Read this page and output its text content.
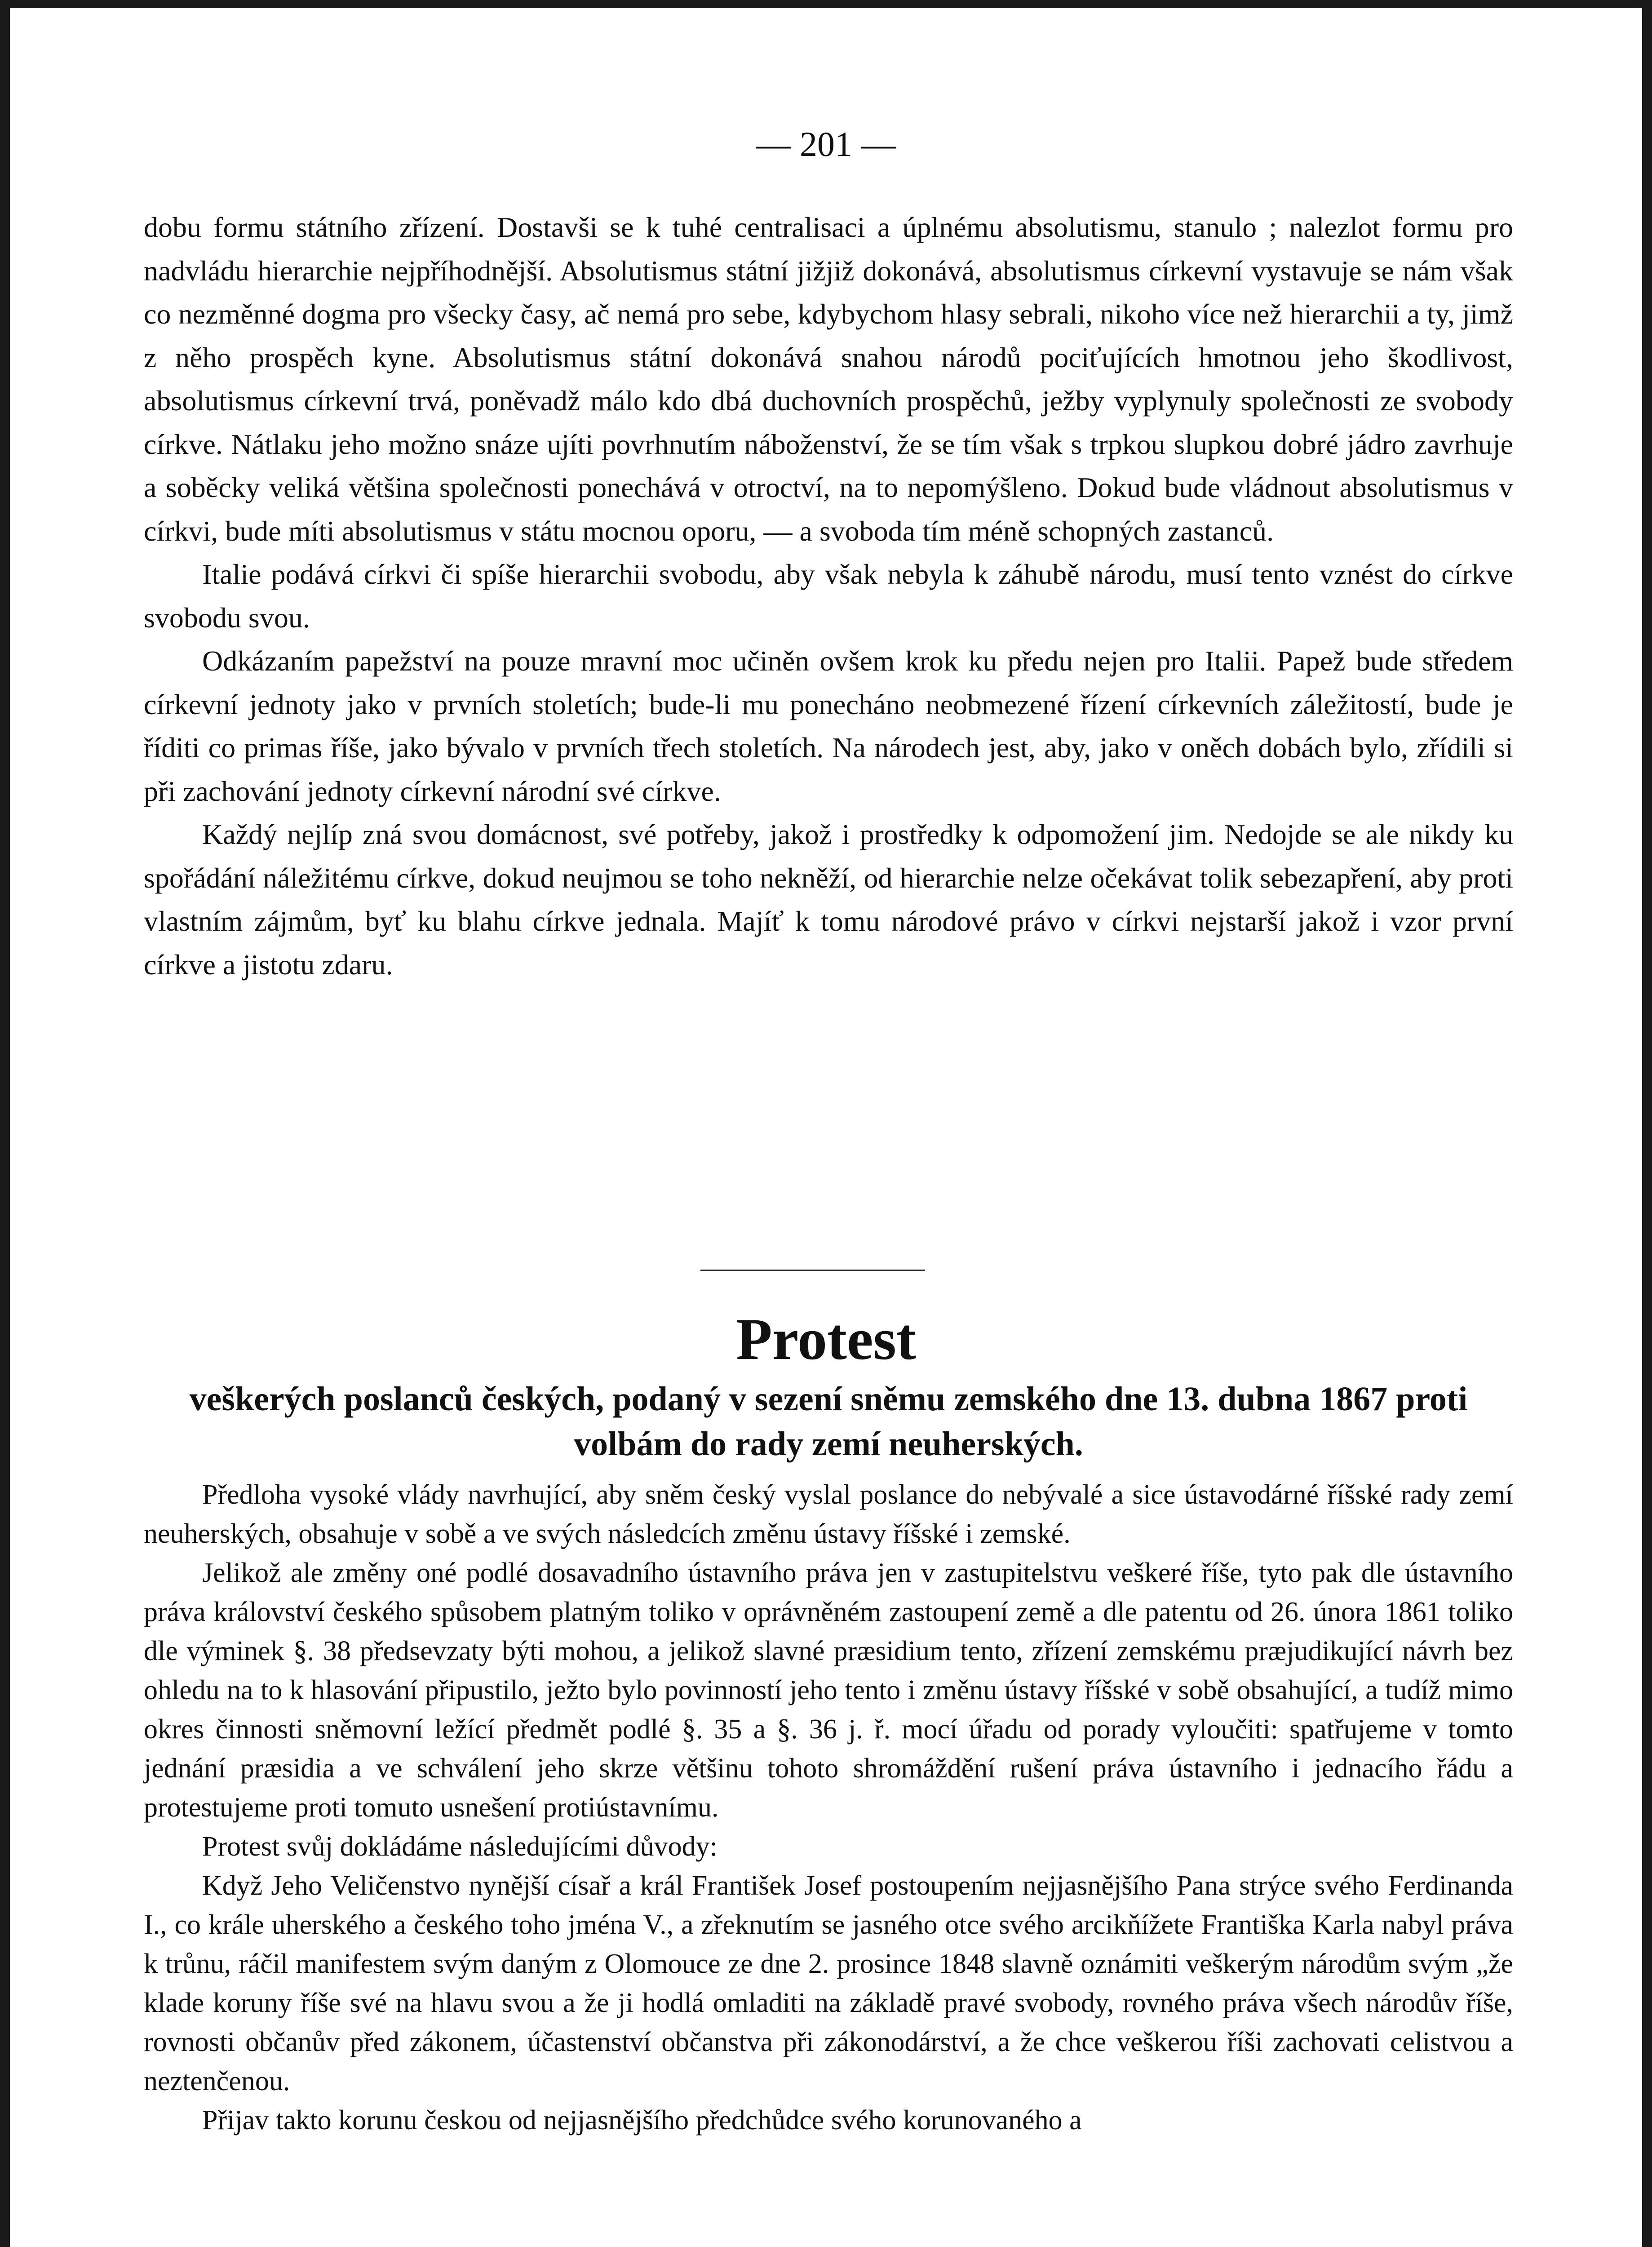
— 201 —

dobu formu státního zřízení. Dostavši se k tuhé centralisaci a úplnému absolutismu, stanulo ; nalezlot formu pro nadvládu hierarchie nejpříhodnější. Absolutismus státní jižjiž dokonává, absolutismus církevní vystavuje se nám však co nezměnné dogma pro všecky časy, ač nemá pro sebe, kdybychom hlasy sebrali, nikoho více než hierarchii a ty, jimž z něho prospěch kyne. Absolutismus státní dokonává snahou národů pociťujících hmotnou jeho škodlivost, absolutismus církevní trvá, poněvadž málo kdo dbá duchovních prospěchů, ježby vyplynuly společnosti ze svobody církve. Nátlaku jeho možno snáze ujíti povrhnutím náboženství, že se tím však s trpkou slupkou dobré jádro zavrhuje a soběcky veliká většina společnosti ponechává v otroctví, na to nepomýšleno. Dokud bude vládnout absolutismus v církvi, bude míti absolutismus v státu mocnou oporu, — a svoboda tím méně schopných zastanců.

Italie podává církvi či spíše hierarchii svobodu, aby však nebyla k záhubě národu, musí tento vznést do církve svobodu svou.

Odkázaním papežství na pouze mravní moc učiněn ovšem krok ku předu nejen pro Italii. Papež bude středem církevní jednoty jako v prvních stoletích; bude-li mu ponecháno neobmezené řízení církevních záležitostí, bude je říditi co primas říše, jako bývalo v prvních třech stoletích. Na národech jest, aby, jako v oněch dobách bylo, zřídili si při zachování jednoty církevní národní své církve.

Každý nejlíp zná svou domácnost, své potřeby, jakož i prostředky k odpomožení jim. Nedojde se ale nikdy ku spořádání náležitému církve, dokud neujmou se toho nekněží, od hierarchie nelze očekávat tolik sebezapření, aby proti vlastním zájmům, byť ku blahu církve jednala. Majíť k tomu národové právo v církvi nejstarší jakož i vzor první církve a jistotu zdaru.

Protest
veškerých poslanců českých, podaný v sezení sněmu zemského dne 13. dubna 1867 proti volbám do rady zemí neuherských.

Předloha vysoké vlády navrhující, aby sněm český vyslal poslance do nebývalé a sice ústavodárné říšské rady zemí neuherských, obsahuje v sobě a ve svých následcích změnu ústavy říšské i zemské.

Jelikož ale změny oné podlé dosavadního ústavního práva jen v zastupitelstvu veškeré říše, tyto pak dle ústavního práva království českého spůsobem platným toliko v oprávněném zastoupení země a dle patentu od 26. února 1861 toliko dle výminek §. 38 předsevzaty býti mohou, a jelikož slavné præsidium tento, zřízení zemskému præjudikující návrh bez ohledu na to k hlasování připustilo, ježto bylo povinností jeho tento i změnu ústavy říšské v sobě obsahující, a tudíž mimo okres činnosti sněmovní ležící předmět podlé §. 35 a §. 36 j. ř. mocí úřadu od porady vyloučiti: spatřujeme v tomto jednání præsidia a ve schválení jeho skrze většinu tohoto shromáždění rušení práva ústavního i jednacího řádu a protestujeme proti tomuto usnešení protiústavnímu.

Protest svůj dokládáme následujícími důvody:

Když Jeho Veličenstvo nynější císař a král František Josef postoupením nejjasnějšího Pana strýce svého Ferdinanda I., co krále uherského a českého toho jména V., a zřeknutím se jasného otce svého arcikňížete Františka Karla nabyl práva k trůnu, ráčil manifestem svým daným z Olomouce ze dne 2. prosince 1848 slavně oznámiti veškerým národům svým „že klade koruny říše své na hlavu svou a že ji hodlá omladiti na základě pravé svobody, rovného práva všech národův říše, rovnosti občanův před zákonem, účastenství občanstva při zákonodárství, a že chce veškerou říši zachovati celistvou a neztenčenou.

Přijav takto korunu českou od nejjasnějšího předchůdce svého korunovaného a
